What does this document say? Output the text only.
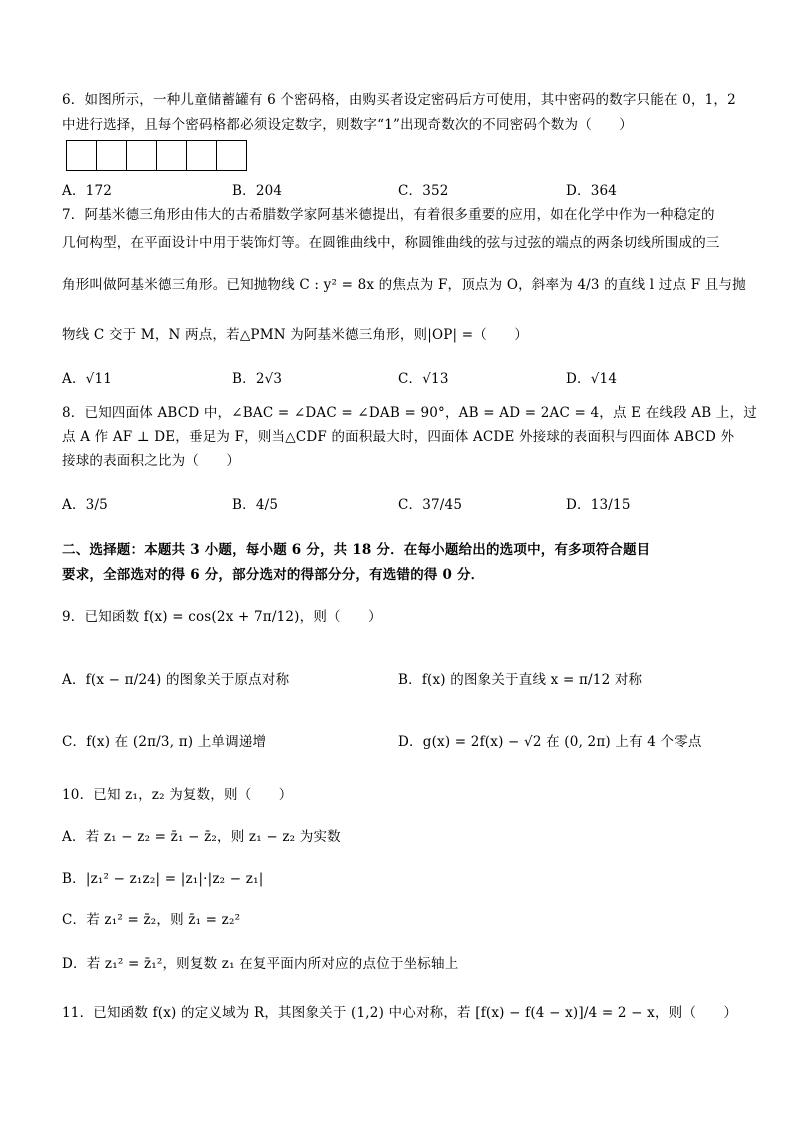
6．如图所示，一种儿童储蓄罐有 6 个密码格，由购买者设定密码后方可使用，其中密码的数字只能在 0，1，2
中进行选择，且每个密码格都必须设定数字，则数字“1”出现奇数次的不同密码个数为（　　）
A．172	B．204	C．352	D．364
7．阿基米德三角形由伟大的古希腊数学家阿基米德提出，有着很多重要的应用，如在化学中作为一种稳定的
几何构型，在平面设计中用于装饰灯等。在圆锥曲线中，称圆锥曲线的弦与过弦的端点的两条切线所围成的三
角形叫做阿基米德三角形。已知抛物线 C : y² = 8x 的焦点为 F，顶点为 O，斜率为 4/3 的直线 l 过点 F 且与抛
物线 C 交于 M，N 两点，若△PMN 为阿基米德三角形，则|OP| =（　　）
A．√11	B．2√3	C．√13	D．√14
8．已知四面体 ABCD 中，∠BAC = ∠DAC = ∠DAB = 90°，AB = AD = 2AC = 4，点 E 在线段 AB 上，过
点 A 作 AF ⊥ DE，垂足为 F，则当△CDF 的面积最大时，四面体 ACDE 外接球的表面积与四面体 ABCD 外
接球的表面积之比为（　　）
A．3/5	B．4/5	C．37/45	D．13/15
二、选择题：本题共 3 小题，每小题 6 分，共 18 分．在每小题给出的选项中，有多项符合题目
要求，全部选对的得 6 分，部分选对的得部分分，有选错的得 0 分．
9．已知函数 f(x) = cos(2x + 7π/12)，则（　　）
A．f(x − π/24) 的图象关于原点对称	B．f(x) 的图象关于直线 x = π/12 对称
C．f(x) 在 (2π/3, π) 上单调递增	D．g(x) = 2f(x) − √2 在 (0, 2π) 上有 4 个零点
10．已知 z₁，z₂ 为复数，则（　　）
A．若 z₁ − z₂ = z̄₁ − z̄₂，则 z₁ − z₂ 为实数
B．|z₁² − z₁z₂| = |z₁|·|z₂ − z₁|
C．若 z₁² = z̄₂，则 z̄₁ = z₂²
D．若 z₁² = z̄₁²，则复数 z₁ 在复平面内所对应的点位于坐标轴上
11．已知函数 f(x) 的定义域为 R，其图象关于 (1,2) 中心对称，若 [f(x) − f(4 − x)]/4 = 2 − x，则（　　）
